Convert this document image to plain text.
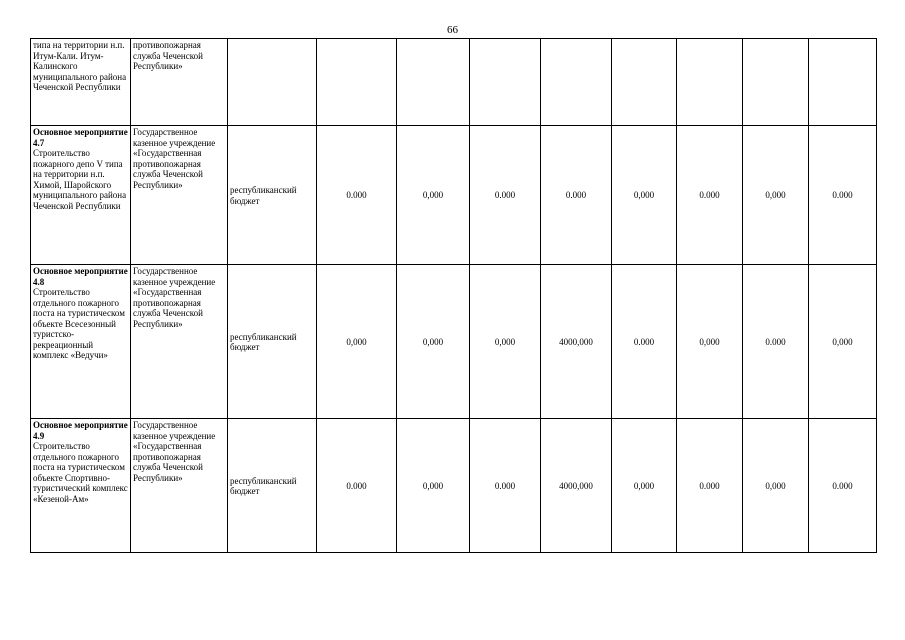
66
типа на территории н.п. Итум-Кали. Итум-Калинского муниципального района Чеченской Республики	противопожарная служба Чеченской Республики»									

Основное мероприятие 4.7
Строительство пожарного депо V типа на территории н.п. Химой, Шаройского муниципального района Чеченской Республики	Государственное казенное учреждение «Государственная противопожарная служба Чеченской Республики»	республиканский бюджет	0.000	0,000	0.000	0.000	0,000	0.000	0,000	0.000

Основное мероприятие 4.8
Строительство отдельного пожарного поста на туристическом объекте Всесезонный туристско-рекреационный комплекс «Ведучи»	Государственное казенное учреждение «Государственная противопожарная служба Чеченской Республики»	республиканский бюджет	0,000	0,000	0,000	4000,000	0.000	0,000	0.000	0,000

Основное мероприятие 4.9
Строительство отдельного пожарного поста на туристическом объекте Спортивно-туристический комплекс «Кезеной-Ам»	Государственное казенное учреждение «Государственная противопожарная служба Чеченской Республики»	республиканский бюджет	0.000	0,000	0.000	4000,000	0,000	0.000	0,000	0.000
